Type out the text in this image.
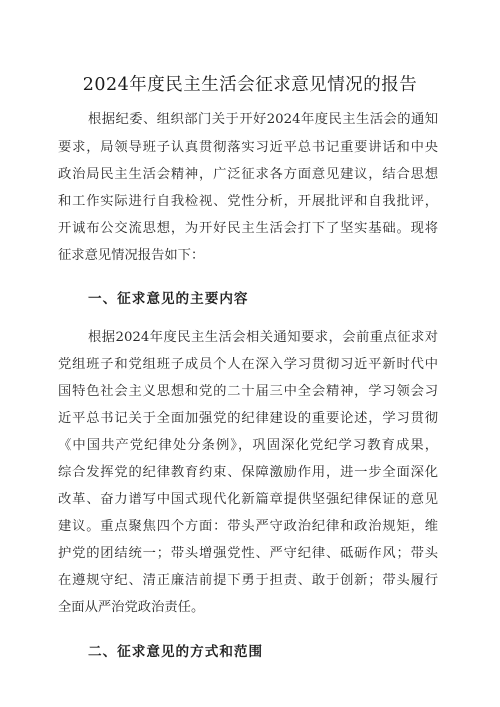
2024年度民主生活会征求意见情况的报告
根据纪委、组织部门关于开好2024年度民主生活会的通知
要求，局领导班子认真贯彻落实习近平总书记重要讲话和中央
政治局民主生活会精神，广泛征求各方面意见建议，结合思想
和工作实际进行自我检视、党性分析，开展批评和自我批评，
开诚布公交流思想，为开好民主生活会打下了坚实基础。现将
征求意见情况报告如下：
一、征求意见的主要内容
根据2024年度民主生活会相关通知要求，会前重点征求对
党组班子和党组班子成员个人在深入学习贯彻习近平新时代中
国特色社会主义思想和党的二十届三中全会精神，学习领会习
近平总书记关于全面加强党的纪律建设的重要论述，学习贯彻
《中国共产党纪律处分条例》，巩固深化党纪学习教育成果，
综合发挥党的纪律教育约束、保障激励作用，进一步全面深化
改革、奋力谱写中国式现代化新篇章提供坚强纪律保证的意见
建议。重点聚焦四个方面：带头严守政治纪律和政治规矩，维
护党的团结统一；带头增强党性、严守纪律、砥砺作风；带头
在遵规守纪、清正廉洁前提下勇于担责、敢于创新；带头履行
全面从严治党政治责任。
二、征求意见的方式和范围
